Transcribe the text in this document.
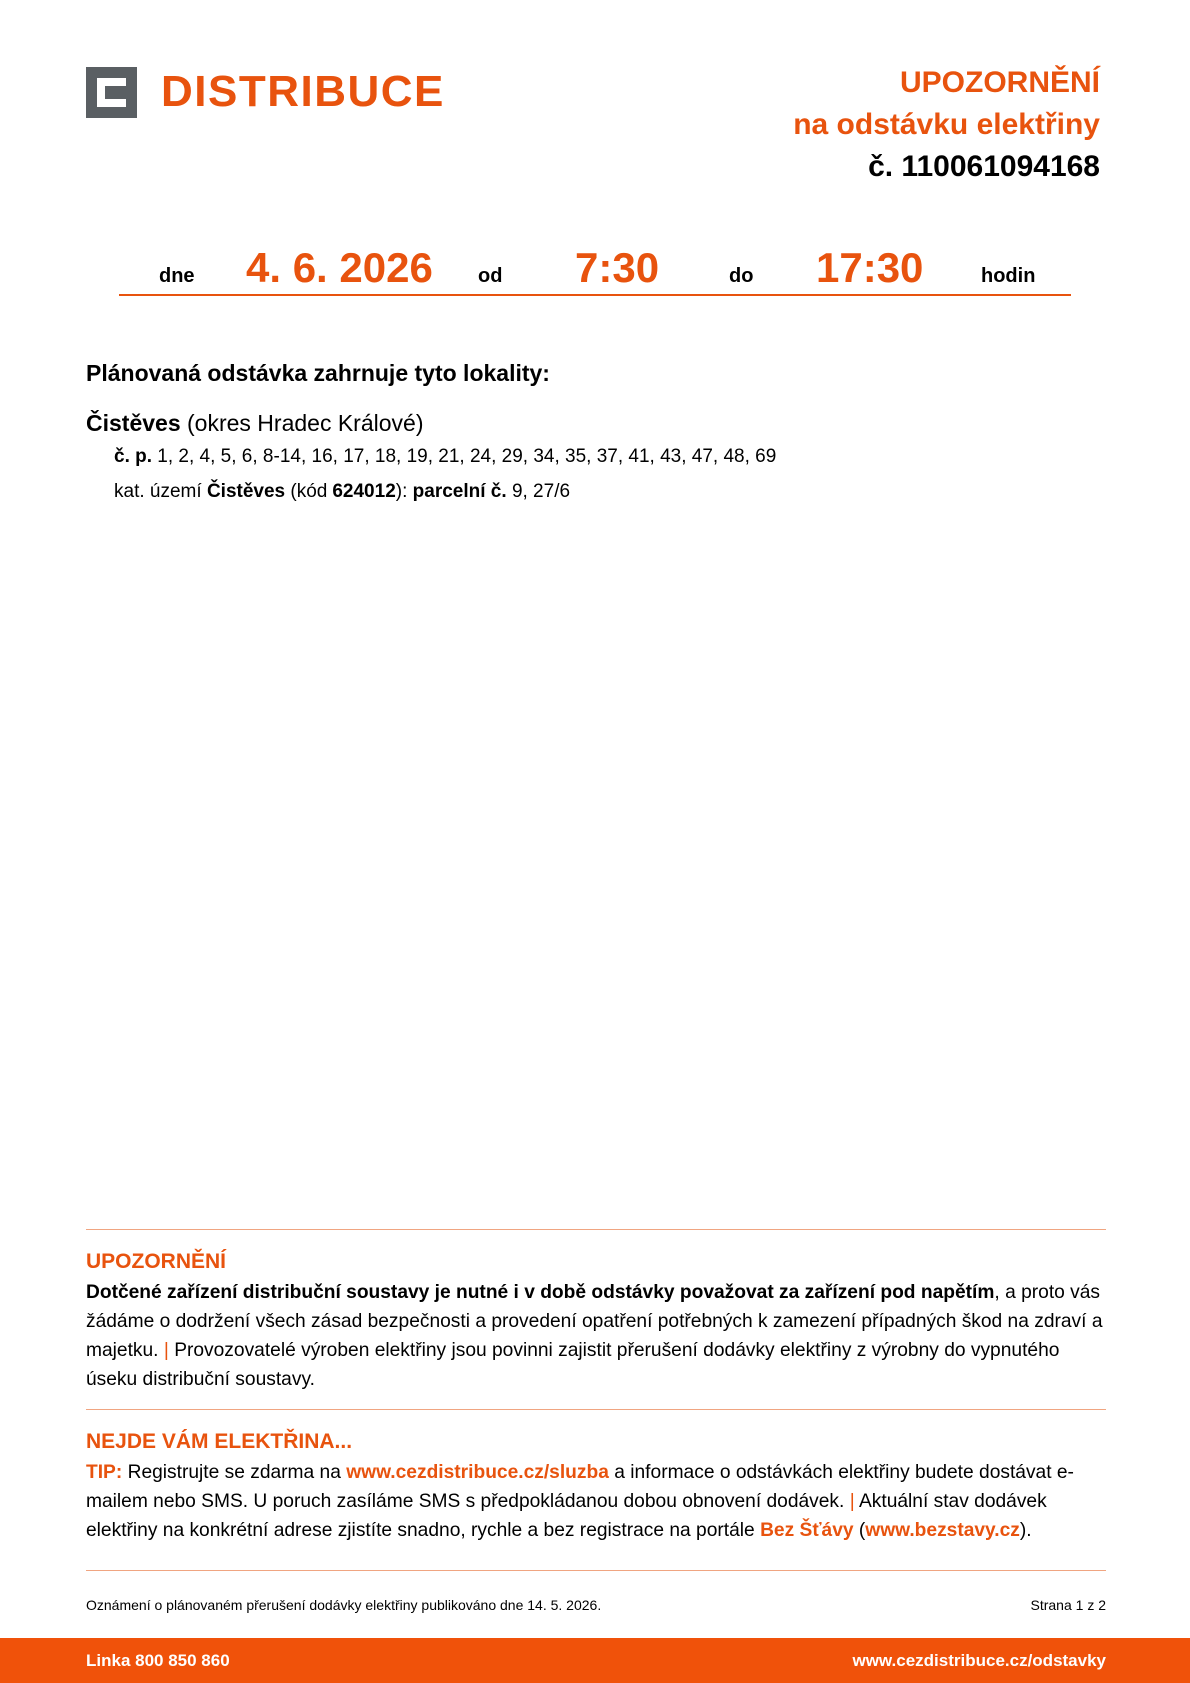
DISTRIBUCE	UPOZORNĚNÍ
na odstávku elektřiny
č. 110061094168
dne 4. 6. 2026 od 7:30	do 17:30	hodin
Plánovaná odstávka zahrnuje tyto lokality:
Čistěves (okres Hradec Králové)
č. p. 1, 2, 4, 5, 6, 8-14, 16, 17, 18, 19, 21, 24, 29, 34, 35, 37, 41, 43, 47, 48, 69
kat. území Čistěves (kód 624012): parcelní č. 9, 27/6
UPOZORNĚNÍ
Dotčené zařízení distribuční soustavy je nutné i v době odstávky považovat za zařízení pod napětím, a proto vás žádáme o dodržení všech zásad bezpečnosti a provedení opatření potřebných k zamezení případných škod na zdraví a majetku. | Provozovatelé výroben elektřiny jsou povinni zajistit přerušení dodávky elektřiny z výrobny do vypnutého úseku distribuční soustavy.
NEJDE VÁM ELEKTŘINA...
TIP: Registrujte se zdarma na www.cezdistribuce.cz/sluzba a informace o odstávkách elektřiny budete dostávat e-mailem nebo SMS. U poruch zasíláme SMS s předpokládanou dobou obnovení dodávek. | Aktuální stav dodávek elektřiny na konkrétní adrese zjistíte snadno, rychle a bez registrace na portále Bez Šťávy (www.bezstavy.cz).
Oznámení o plánovaném přerušení dodávky elektřiny publikováno dne 14. 5. 2026.	Strana 1 z 2
Linka 800 850 860	www.cezdistribuce.cz/odstavky
